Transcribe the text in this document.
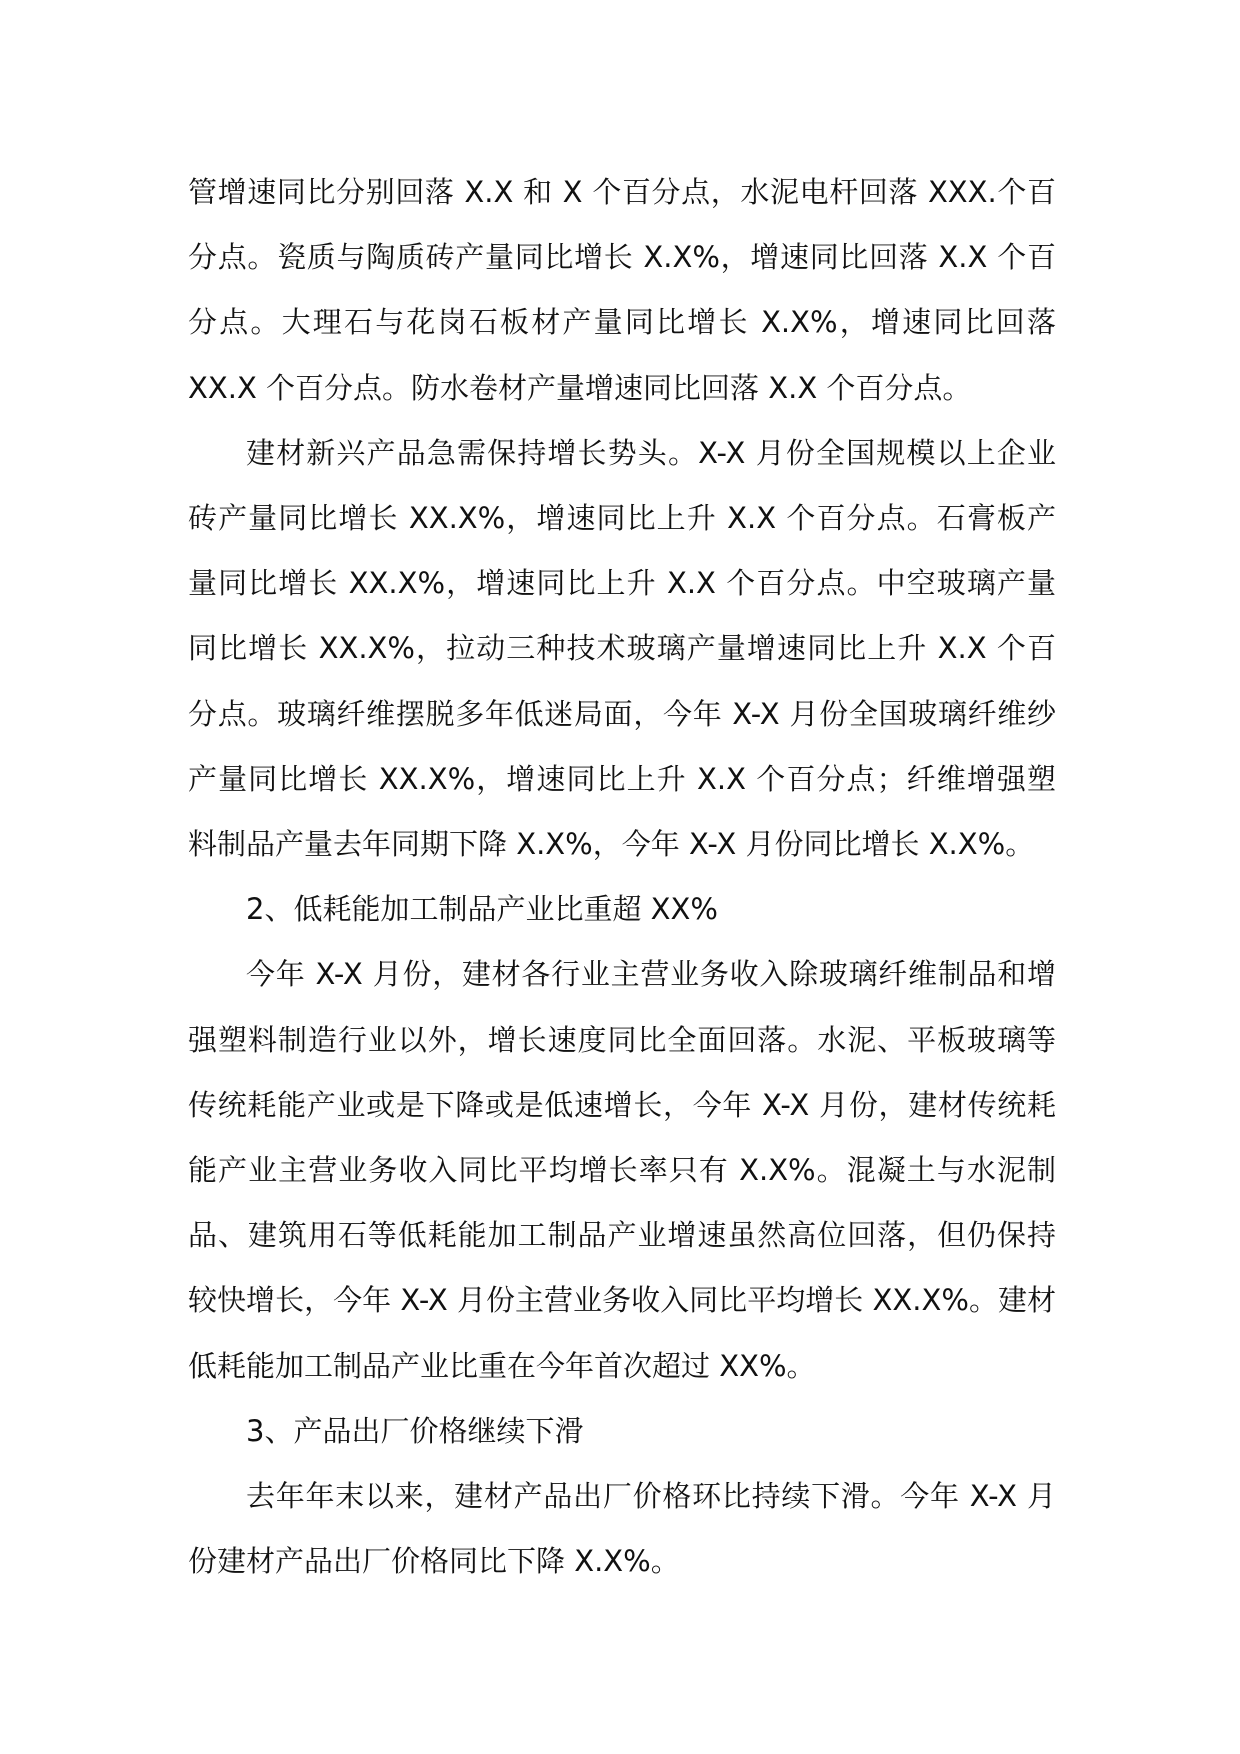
管增速同比分别回落 X.X 和 X 个百分点，水泥电杆回落 XXX.个百分点。瓷质与陶质砖产量同比增长 X.X%，增速同比回落 X.X 个百分点。大理石与花岗石板材产量同比增长 X.X%，增速同比回落 XX.X 个百分点。防水卷材产量增速同比回落 X.X 个百分点。

建材新兴产品急需保持增长势头。X-X 月份全国规模以上企业砖产量同比增长 XX.X%，增速同比上升 X.X 个百分点。石膏板产量同比增长 XX.X%，增速同比上升 X.X 个百分点。中空玻璃产量同比增长 XX.X%，拉动三种技术玻璃产量增速同比上升 X.X 个百分点。玻璃纤维摆脱多年低迷局面，今年 X-X 月份全国玻璃纤维纱产量同比增长 XX.X%，增速同比上升 X.X 个百分点；纤维增强塑料制品产量去年同期下降 X.X%，今年 X-X 月份同比增长 X.X%。

2、低耗能加工制品产业比重超 XX%

今年 X-X 月份，建材各行业主营业务收入除玻璃纤维制品和增强塑料制造行业以外，增长速度同比全面回落。水泥、平板玻璃等传统耗能产业或是下降或是低速增长，今年 X-X 月份，建材传统耗能产业主营业务收入同比平均增长率只有 X.X%。混凝土与水泥制品、建筑用石等低耗能加工制品产业增速虽然高位回落，但仍保持较快增长，今年 X-X 月份主营业务收入同比平均增长 XX.X%。建材低耗能加工制品产业比重在今年首次超过 XX%。

3、产品出厂价格继续下滑

去年年末以来，建材产品出厂价格环比持续下滑。今年 X-X 月份建材产品出厂价格同比下降 X.X%。
